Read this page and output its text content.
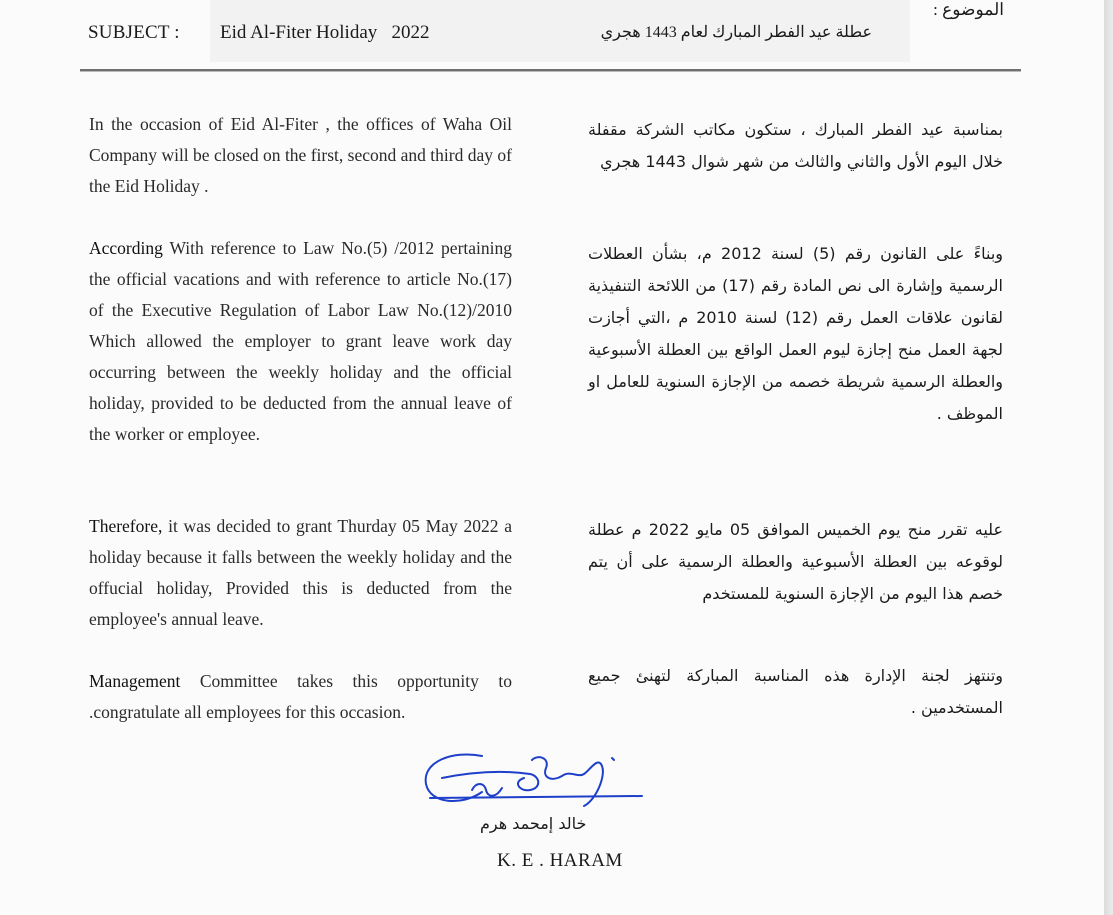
SUBJECT : Eid Al-Fiter Holiday   2022
الموضوع :
عطلة عيد الفطر المبارك لعام 1443 هجري
In the occasion of Eid Al-Fiter , the offices of Waha Oil Company will be closed on the first, second and third day of the Eid Holiday .
According With reference to Law No.(5) /2012 pertaining the official vacations and with reference to article No.(17) of the Executive Regulation of Labor Law No.(12)/2010 Which allowed the employer to grant leave work day occurring between the weekly holiday and the official holiday, provided to be deducted from the annual leave of the worker or employee.
Therefore, it was decided to grant Thurday 05 May 2022 a holiday because it falls between the weekly holiday and the offucial holiday, Provided this is deducted from the employee's annual leave.
Management Committee takes this opportunity to .congratulate all employees for this occasion.
بمناسبة عيد الفطر المبارك ، ستكون مكاتب الشركة مقفلة خلال اليوم الأول والثاني والثالث من شهر شوال 1443 هجري
وبناءً على القانون رقم (5) لسنة 2012 م، بشأن العطلات الرسمية وإشارة الى نص المادة رقم (17) من اللائحة التنفيذية لقانون علاقات العمل رقم (12) لسنة 2010 م ،التي أجازت لجهة العمل منح إجازة ليوم العمل الواقع بين العطلة الأسبوعية والعطلة الرسمية شريطة خصمه من الإجازة السنوية للعامل او الموظف .
عليه تقرر منح يوم الخميس الموافق 05 مايو 2022 م عطلة لوقوعه بين العطلة الأسبوعية والعطلة الرسمية على أن يتم خصم هذا اليوم من الإجازة السنوية للمستخدم
وتنتهز لجنة الإدارة هذه المناسبة المباركة لتهنئ جميع المستخدمين .
خالد إمحمد هرم
K. E . HARAM
